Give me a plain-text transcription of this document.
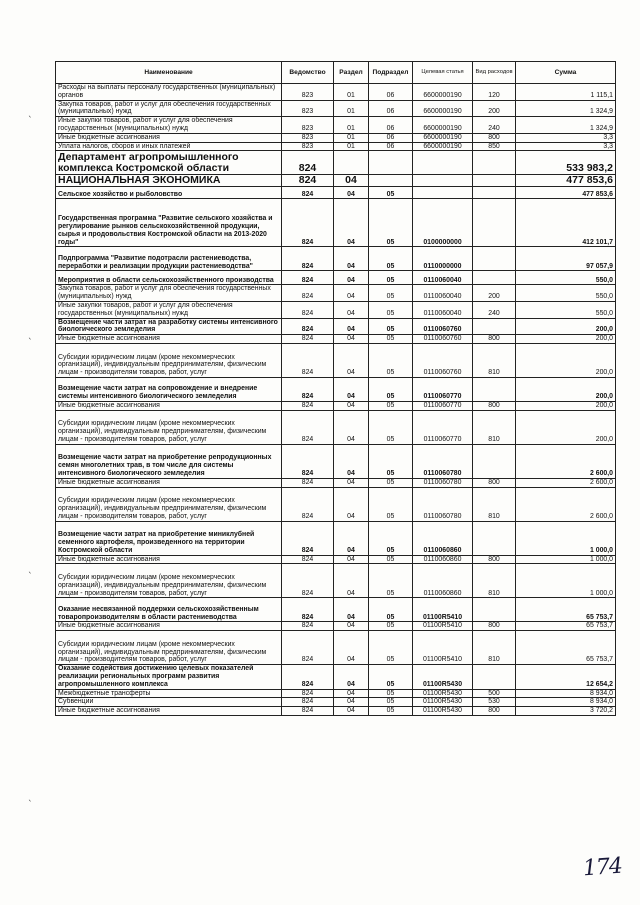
Наименование	Ведомство	Раздел	Подраздел	Целевая статья	Вид расходов	Сумма
Расходы на выплаты персоналу государственных (муниципальных) органов	823	01	06	6600000190	120	1 115,1
Закупка товаров, работ и услуг для обеспечения государственных (муниципальных) нужд	823	01	06	6600000190	200	1 324,9
Иные закупки товаров, работ и услуг для обеспечения государственных (муниципальных) нужд	823	01	06	6600000190	240	1 324,9
Иные бюджетные ассигнования	823	01	06	6600000190	800	3,3
Уплата налогов, сборов и иных платежей	823	01	06	6600000190	850	3,3
Департамент агропромышленного комплекса Костромской области	824					533 983,2
НАЦИОНАЛЬНАЯ ЭКОНОМИКА	824	04				477 853,6
Сельское хозяйство и рыболовство	824	04	05			477 853,6
Государственная программа "Развитие сельского хозяйства и регулирование рынков сельскохозяйственной продукции, сырья и продовольствия Костромской области на 2013-2020 годы"	824	04	05	0100000000		412 101,7
Подпрограмма "Развитие подотрасли растениеводства, переработки и реализации продукции растениеводства"	824	04	05	0110000000		97 057,9
Мероприятия в области сельскохозяйственного производства	824	04	05	0110060040		550,0
Закупка товаров, работ и услуг для обеспечения государственных (муниципальных) нужд	824	04	05	0110060040	200	550,0
Иные закупки товаров, работ и услуг для обеспечения государственных (муниципальных) нужд	824	04	05	0110060040	240	550,0
Возмещение части затрат на разработку системы интенсивного биологического земледелия	824	04	05	0110060760		200,0
Иные бюджетные ассигнования	824	04	05	0110060760	800	200,0
Субсидии юридическим лицам (кроме некоммерческих организаций), индивидуальным предпринимателям, физическим лицам - производителям товаров, работ, услуг	824	04	05	0110060760	810	200,0
Возмещение части затрат на сопровождение и внедрение системы интенсивного биологического земледелия	824	04	05	0110060770		200,0
Иные бюджетные ассигнования	824	04	05	0110060770	800	200,0
Субсидии юридическим лицам (кроме некоммерческих организаций), индивидуальным предпринимателям, физическим лицам - производителям товаров, работ, услуг	824	04	05	0110060770	810	200,0
Возмещение части затрат на приобретение репродукционных семян многолетних трав, в том числе для системы интенсивного биологического земледелия	824	04	05	0110060780		2 600,0
Иные бюджетные ассигнования	824	04	05	0110060780	800	2 600,0
Субсидии юридическим лицам (кроме некоммерческих организаций), индивидуальным предпринимателям, физическим лицам - производителям товаров, работ, услуг	824	04	05	0110060780	810	2 600,0
Возмещение части затрат на приобретение миниклубней семенного картофеля, произведенного на территории Костромской области	824	04	05	0110060860		1 000,0
Иные бюджетные ассигнования	824	04	05	0110060860	800	1 000,0
Субсидии юридическим лицам (кроме некоммерческих организаций), индивидуальным предпринимателям, физическим лицам - производителям товаров, работ, услуг	824	04	05	0110060860	810	1 000,0
Оказание несвязанной поддержки сельскохозяйственным товаропроизводителям в области растениеводства	824	04	05	01100R5410		65 753,7
Иные бюджетные ассигнования	824	04	05	01100R5410	800	65 753,7
Субсидии юридическим лицам (кроме некоммерческих организаций), индивидуальным предпринимателям, физическим лицам - производителям товаров, работ, услуг	824	04	05	01100R5410	810	65 753,7
Оказание содействия достижению целевых показателей реализации региональных программ развития агропромышленного комплекса	824	04	05	01100R5430		12 654,2
Межбюджетные трансферты	824	04	05	01100R5430	500	8 934,0
Субвенции	824	04	05	01100R5430	530	8 934,0
Иные бюджетные ассигнования	824	04	05	01100R5430	800	3 720,2
`
`
`
`
174
